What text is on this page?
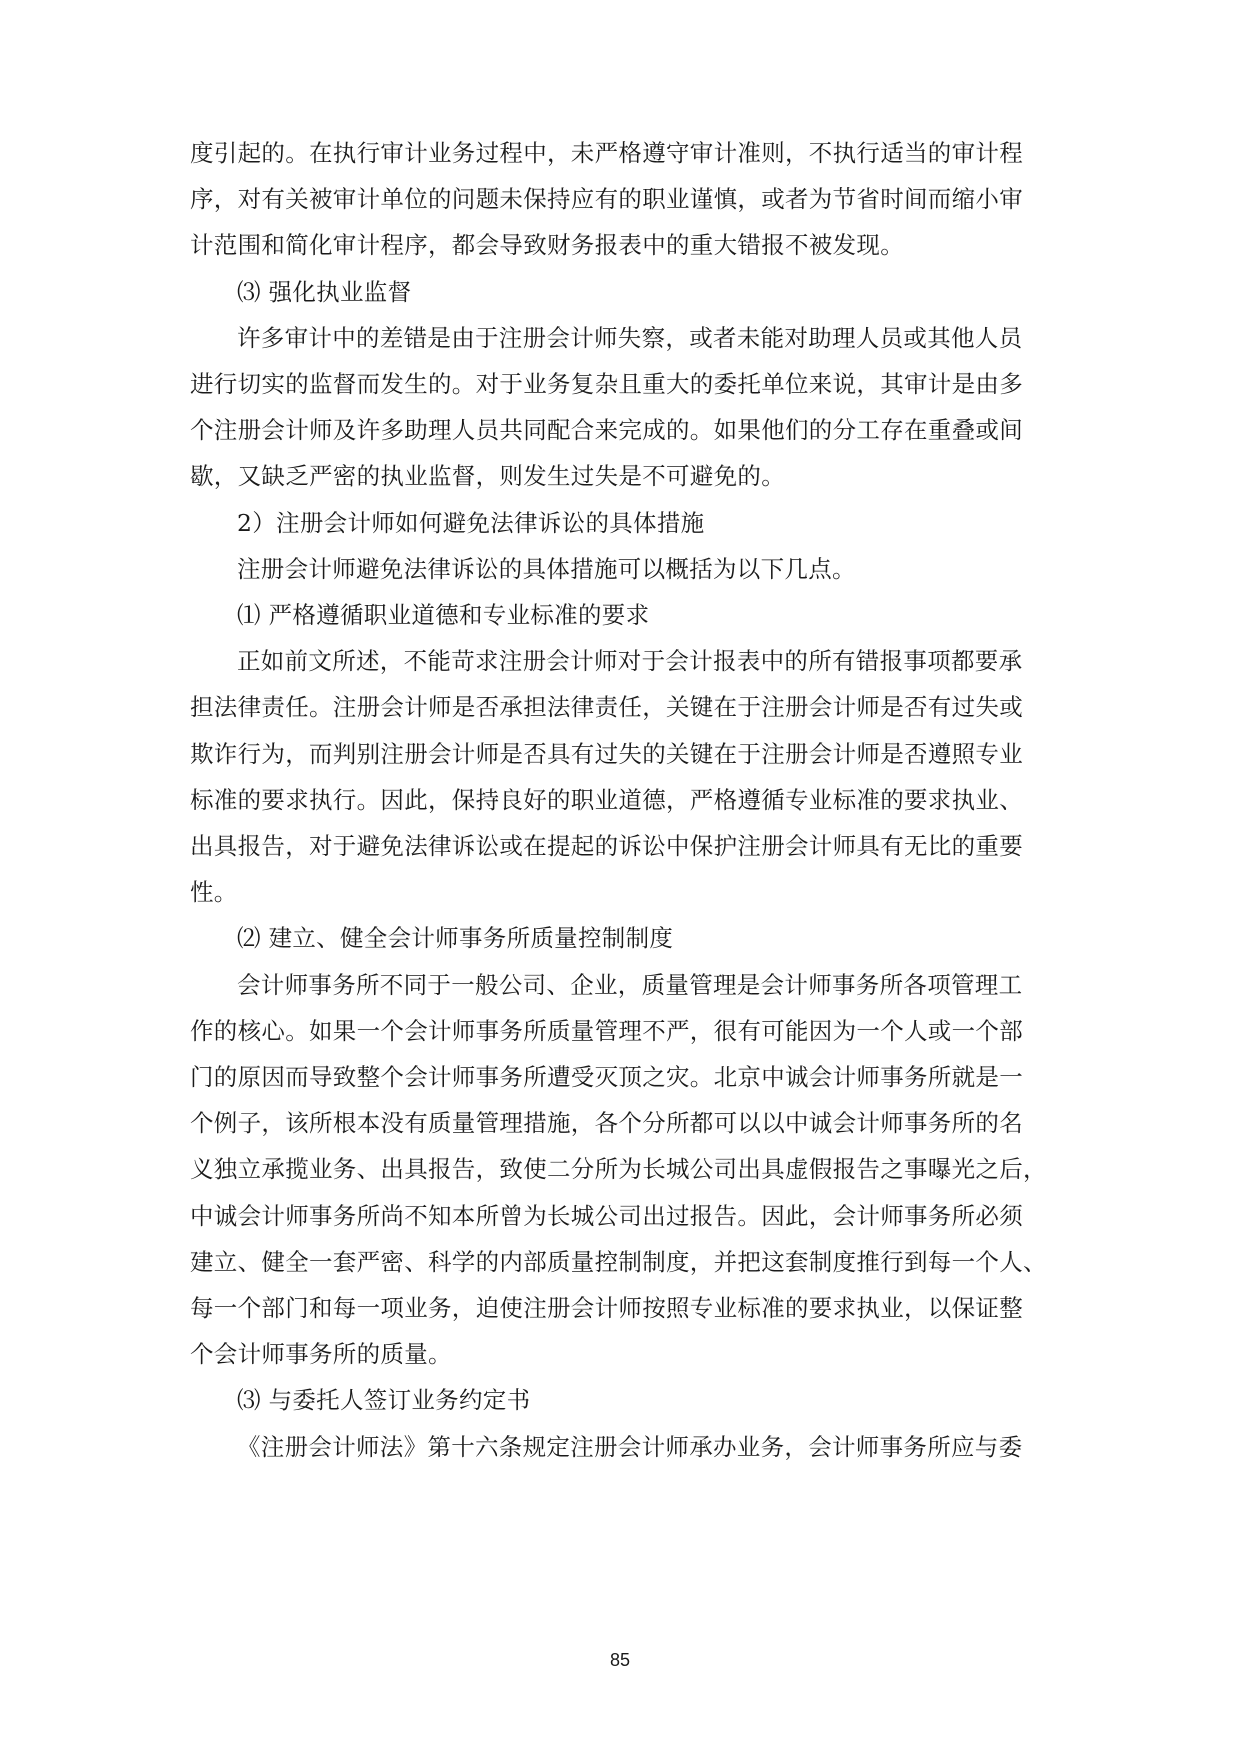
度引起的。在执行审计业务过程中，未严格遵守审计准则，不执行适当的审计程
序，对有关被审计单位的问题未保持应有的职业谨慎，或者为节省时间而缩小审
计范围和简化审计程序，都会导致财务报表中的重大错报不被发现。
⑶ 强化执业监督
许多审计中的差错是由于注册会计师失察，或者未能对助理人员或其他人员
进行切实的监督而发生的。对于业务复杂且重大的委托单位来说，其审计是由多
个注册会计师及许多助理人员共同配合来完成的。如果他们的分工存在重叠或间
歇，又缺乏严密的执业监督，则发生过失是不可避免的。
2）注册会计师如何避免法律诉讼的具体措施
注册会计师避免法律诉讼的具体措施可以概括为以下几点。
⑴ 严格遵循职业道德和专业标准的要求
正如前文所述，不能苛求注册会计师对于会计报表中的所有错报事项都要承
担法律责任。注册会计师是否承担法律责任，关键在于注册会计师是否有过失或
欺诈行为，而判别注册会计师是否具有过失的关键在于注册会计师是否遵照专业
标准的要求执行。因此，保持良好的职业道德，严格遵循专业标准的要求执业、
出具报告，对于避免法律诉讼或在提起的诉讼中保护注册会计师具有无比的重要
性。
⑵ 建立、健全会计师事务所质量控制制度
会计师事务所不同于一般公司、企业，质量管理是会计师事务所各项管理工
作的核心。如果一个会计师事务所质量管理不严，很有可能因为一个人或一个部
门的原因而导致整个会计师事务所遭受灭顶之灾。北京中诚会计师事务所就是一
个例子，该所根本没有质量管理措施，各个分所都可以以中诚会计师事务所的名
义独立承揽业务、出具报告，致使二分所为长城公司出具虚假报告之事曝光之后，
中诚会计师事务所尚不知本所曾为长城公司出过报告。因此，会计师事务所必须
建立、健全一套严密、科学的内部质量控制制度，并把这套制度推行到每一个人、
每一个部门和每一项业务，迫使注册会计师按照专业标准的要求执业，以保证整
个会计师事务所的质量。
⑶ 与委托人签订业务约定书
《注册会计师法》第十六条规定注册会计师承办业务，会计师事务所应与委
85
